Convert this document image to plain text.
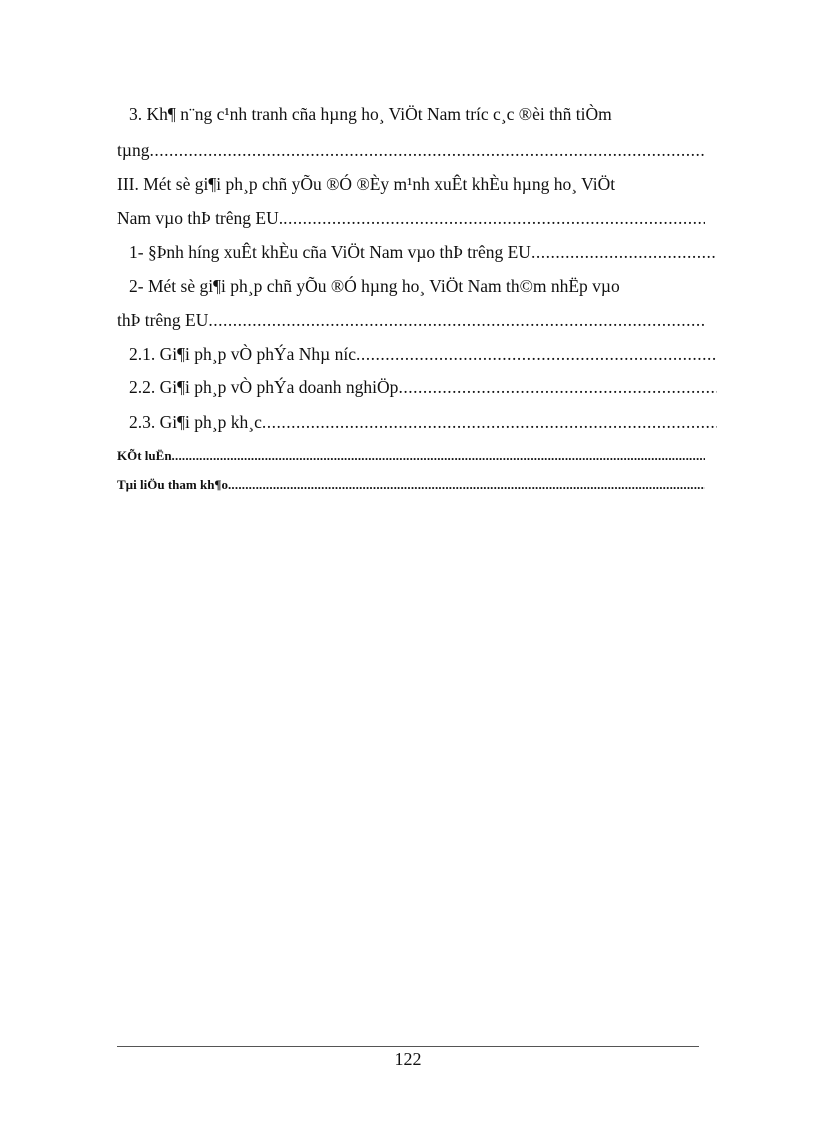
3. Kh¶ n¨ng c¹nh tranh cña hµng ho¸ ViÖt Nam tríc c¸c ®èi thñ tiÒm
tµng
.....
III. Mét sè gi¶i ph¸p chñ yÕu ®Ó ®Èy m¹nh xuÊt khÈu hµng ho¸ ViÖt
Nam vµo thÞ trêng EU.
.....
1- §Þnh híng xuÊt khÈu cña ViÖt Nam vµo thÞ trêng EU
.....
2- Mét sè gi¶i ph¸p chñ yÕu ®Ó hµng ho¸ ViÖt Nam th©m nhËp vµo
thÞ trêng EU
.....
2.1. Gi¶i ph¸p vÒ phÝa Nhµ níc
.....
2.2. Gi¶i ph¸p vÒ phÝa doanh nghiÖp
.....
2.3. Gi¶i ph¸p kh¸c
.....
KÕt luËn
.....
Tµi liÖu tham kh¶o
.....
122
